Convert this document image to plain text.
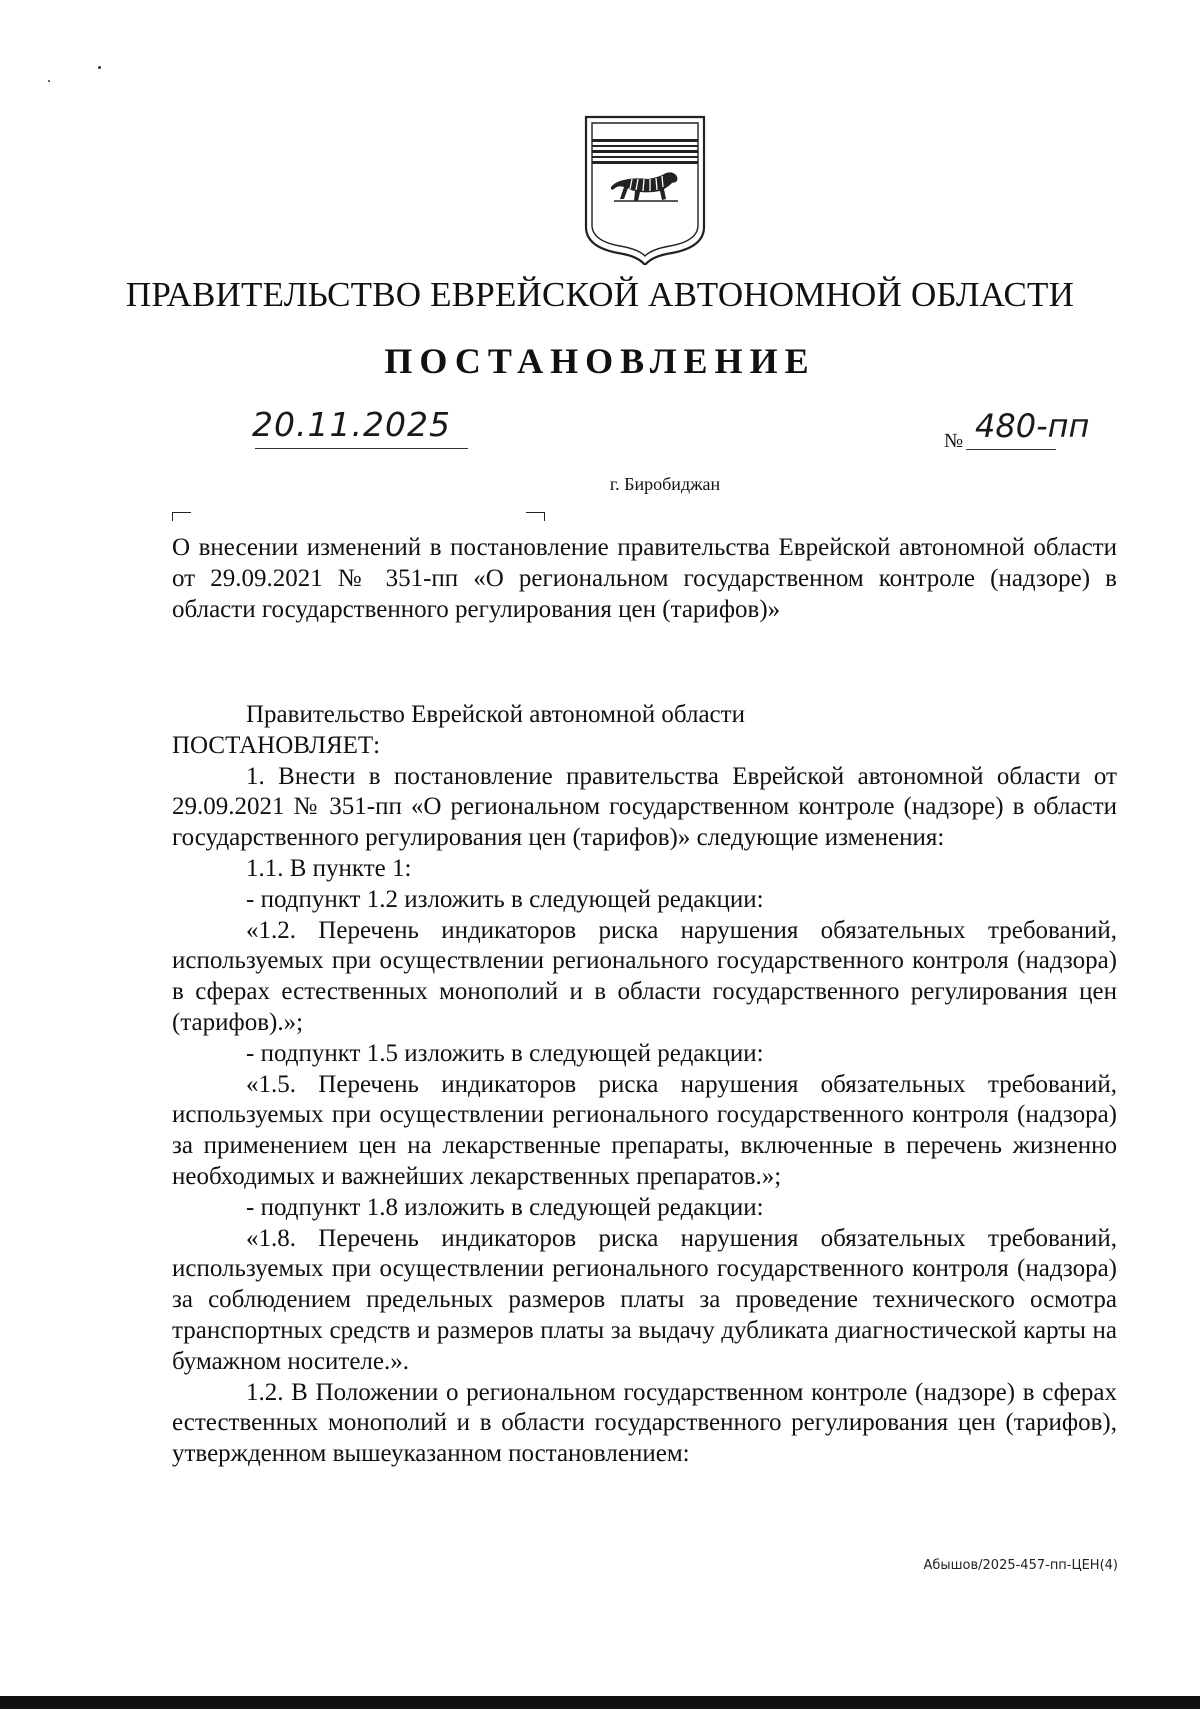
ПРАВИТЕЛЬСТВО ЕВРЕЙСКОЙ АВТОНОМНОЙ ОБЛАСТИ
ПОСТАНОВЛЕНИЕ
20.11.2025	№ 480-пп
г. Биробиджан

О внесении изменений в постановление правительства Еврейской автономной области от 29.09.2021 № 351-пп «О региональном государственном контроле (надзоре) в области государственного регулирования цен (тарифов)»

Правительство Еврейской автономной области

ПОСТАНОВЛЯЕТ:

1. Внести в постановление правительства Еврейской автономной области от 29.09.2021 № 351-пп «О региональном государственном контроле (надзоре) в области государственного регулирования цен (тарифов)» следующие изменения:

1.1. В пункте 1:

- подпункт 1.2 изложить в следующей редакции:

«1.2. Перечень индикаторов риска нарушения обязательных требований, используемых при осуществлении регионального государственного контроля (надзора) в сферах естественных монополий и в области государственного регулирования цен (тарифов).»;

- подпункт 1.5 изложить в следующей редакции:

«1.5. Перечень индикаторов риска нарушения обязательных требований, используемых при осуществлении регионального государственного контроля (надзора) за применением цен на лекарственные препараты, включенные в перечень жизненно необходимых и важнейших лекарственных препаратов.»;

- подпункт 1.8 изложить в следующей редакции:

«1.8. Перечень индикаторов риска нарушения обязательных требований, используемых при осуществлении регионального государственного контроля (надзора) за соблюдением предельных размеров платы за проведение технического осмотра транспортных средств и размеров платы за выдачу дубликата диагностической карты на бумажном носителе.».

1.2. В Положении о региональном государственном контроле (надзоре) в сферах естественных монополий и в области государственного регулирования цен (тарифов), утвержденном вышеуказанном постановлением:

Абышов/2025-457-пп-ЦЕН(4)
